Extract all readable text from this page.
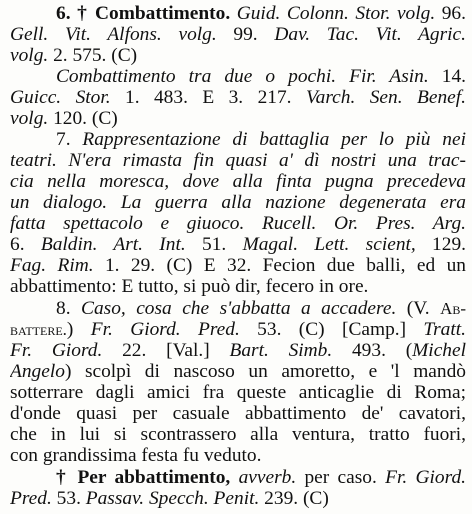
6. † Combattimento. Guid. Colonn. Stor. volg. 96.
Gell. Vit. Alfons. volg. 99. Dav. Tac. Vit. Agric.
volg. 2. 575. (C)
Combattimento tra due o pochi. Fir. Asin. 14.
Guicc. Stor. 1. 483. E 3. 217. Varch. Sen. Benef.
volg. 120. (C)
7. Rappresentazione di battaglia per lo più nei
teatri. N'era rimasta fin quasi a' dì nostri una trac-
cia nella moresca, dove alla finta pugna precedeva
un dialogo. La guerra alla nazione degenerata era
fatta spettacolo e giuoco. Rucell. Or. Pres. Arg.
6. Baldin. Art. Int. 51. Magal. Lett. scient, 129.
Fag. Rim. 1. 29. (C) E 32. Fecion due balli, ed un
abbattimento: E tutto, si può dir, fecero in ore.
8. Caso, cosa che s'abbatta a accadere. (V. Ab-
battere.) Fr. Giord. Pred. 53. (C) [Camp.] Tratt.
Fr. Giord. 22. [Val.] Bart. Simb. 493. (Michel
Angelo) scolpì di nascoso un amoretto, e 'l mandò
sotterrare dagli amici fra queste anticaglie di Roma;
d'onde quasi per casuale abbattimento de' cavatori,
che in lui si scontrassero alla ventura, tratto fuori,
con grandissima festa fu veduto.
† Per abbattimento, avverb. per caso. Fr. Giord.
Pred. 53. Passav. Specch. Penit. 239. (C)
